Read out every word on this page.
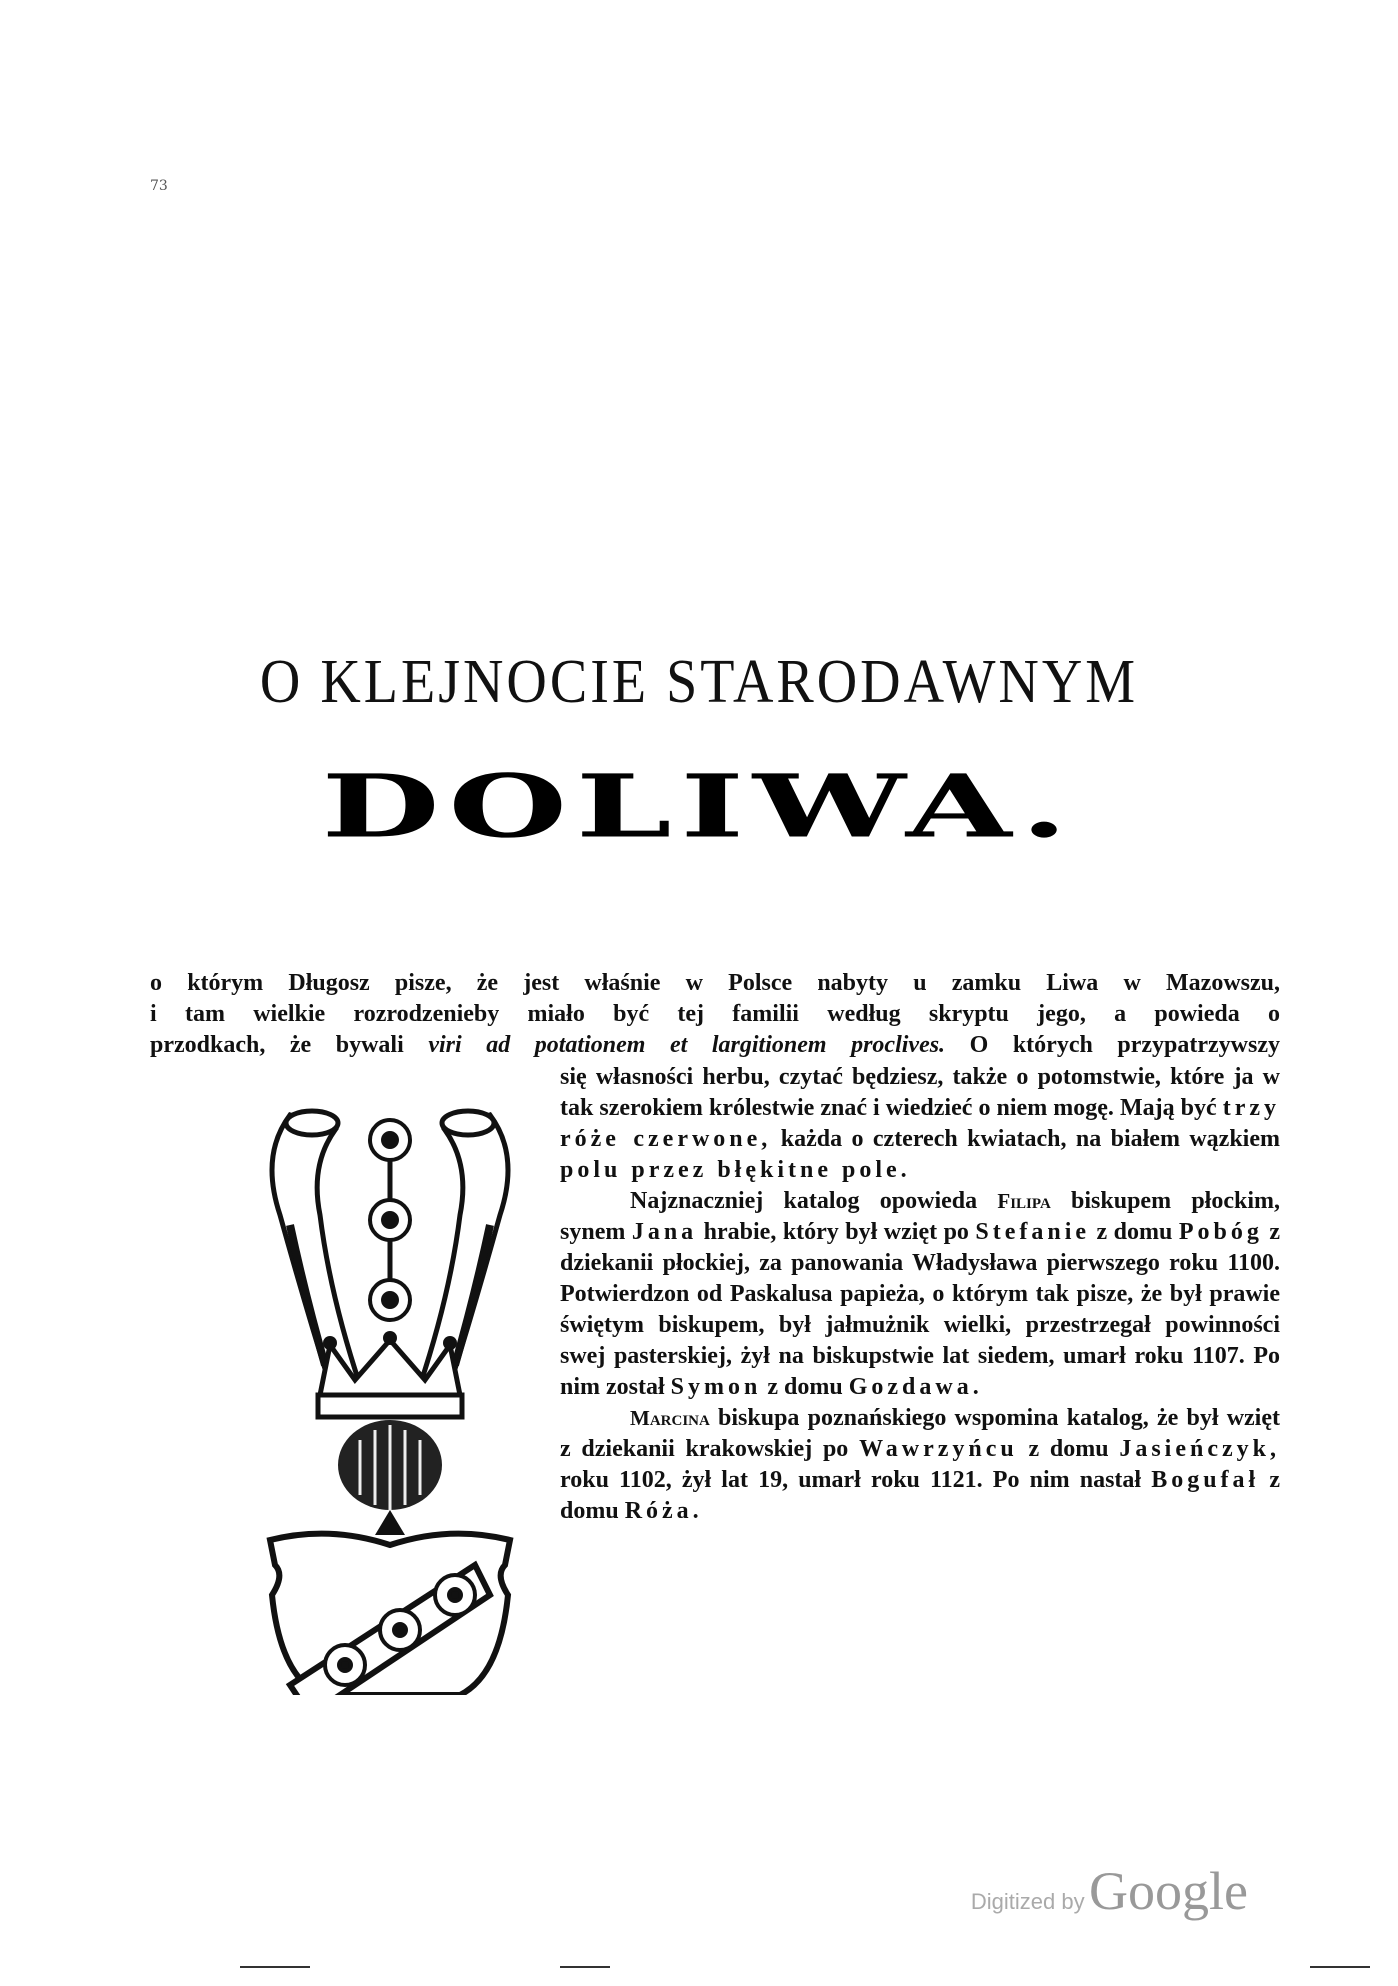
73
O KLEJNOCIE STARODAWNYM
DOLIWA.
o którym Długosz pisze, że jest właśnie w Polsce nabyty u zamku Liwa w Mazowszu,
i tam wielkie rozrodzenieby miało być tej familii według skryptu jego, a powieda o
przodkach, że bywali viri ad potationem et largitionem proclives. O których przypatrzywszy

się własności herbu, czytać będziesz, także o potomstwie, które ja w tak szerokiem królestwie znać i wiedzieć o niem mogę. Mają być trzy róże czerwone, każda o czterech kwiatach, na białem wązkiem polu przez błękitne pole.

Najznaczniej katalog opowieda Filipa biskupem płockim, synem Jana hrabie, który był wzięt po Stefanie z domu Pobóg z dziekanii płockiej, za panowania Władysława pierwszego roku 1100. Potwierdzon od Paskalusa papieża, o którym tak pisze, że był prawie świętym biskupem, był jałmużnik wielki, przestrzegał powinności swej pasterskiej, żył na biskupstwie lat siedem, umarł roku 1107. Po nim został Symon z domu Gozdawa.

Marcina biskupa poznańskiego wspomina katalog, że był wzięt z dziekanii krakowskiej po Wawrzyńcu z domu Jasieńczyk, roku 1102, żył lat 19, umarł roku 1121. Po nim nastał Bogufał z domu Róża.

Digitized by Google
